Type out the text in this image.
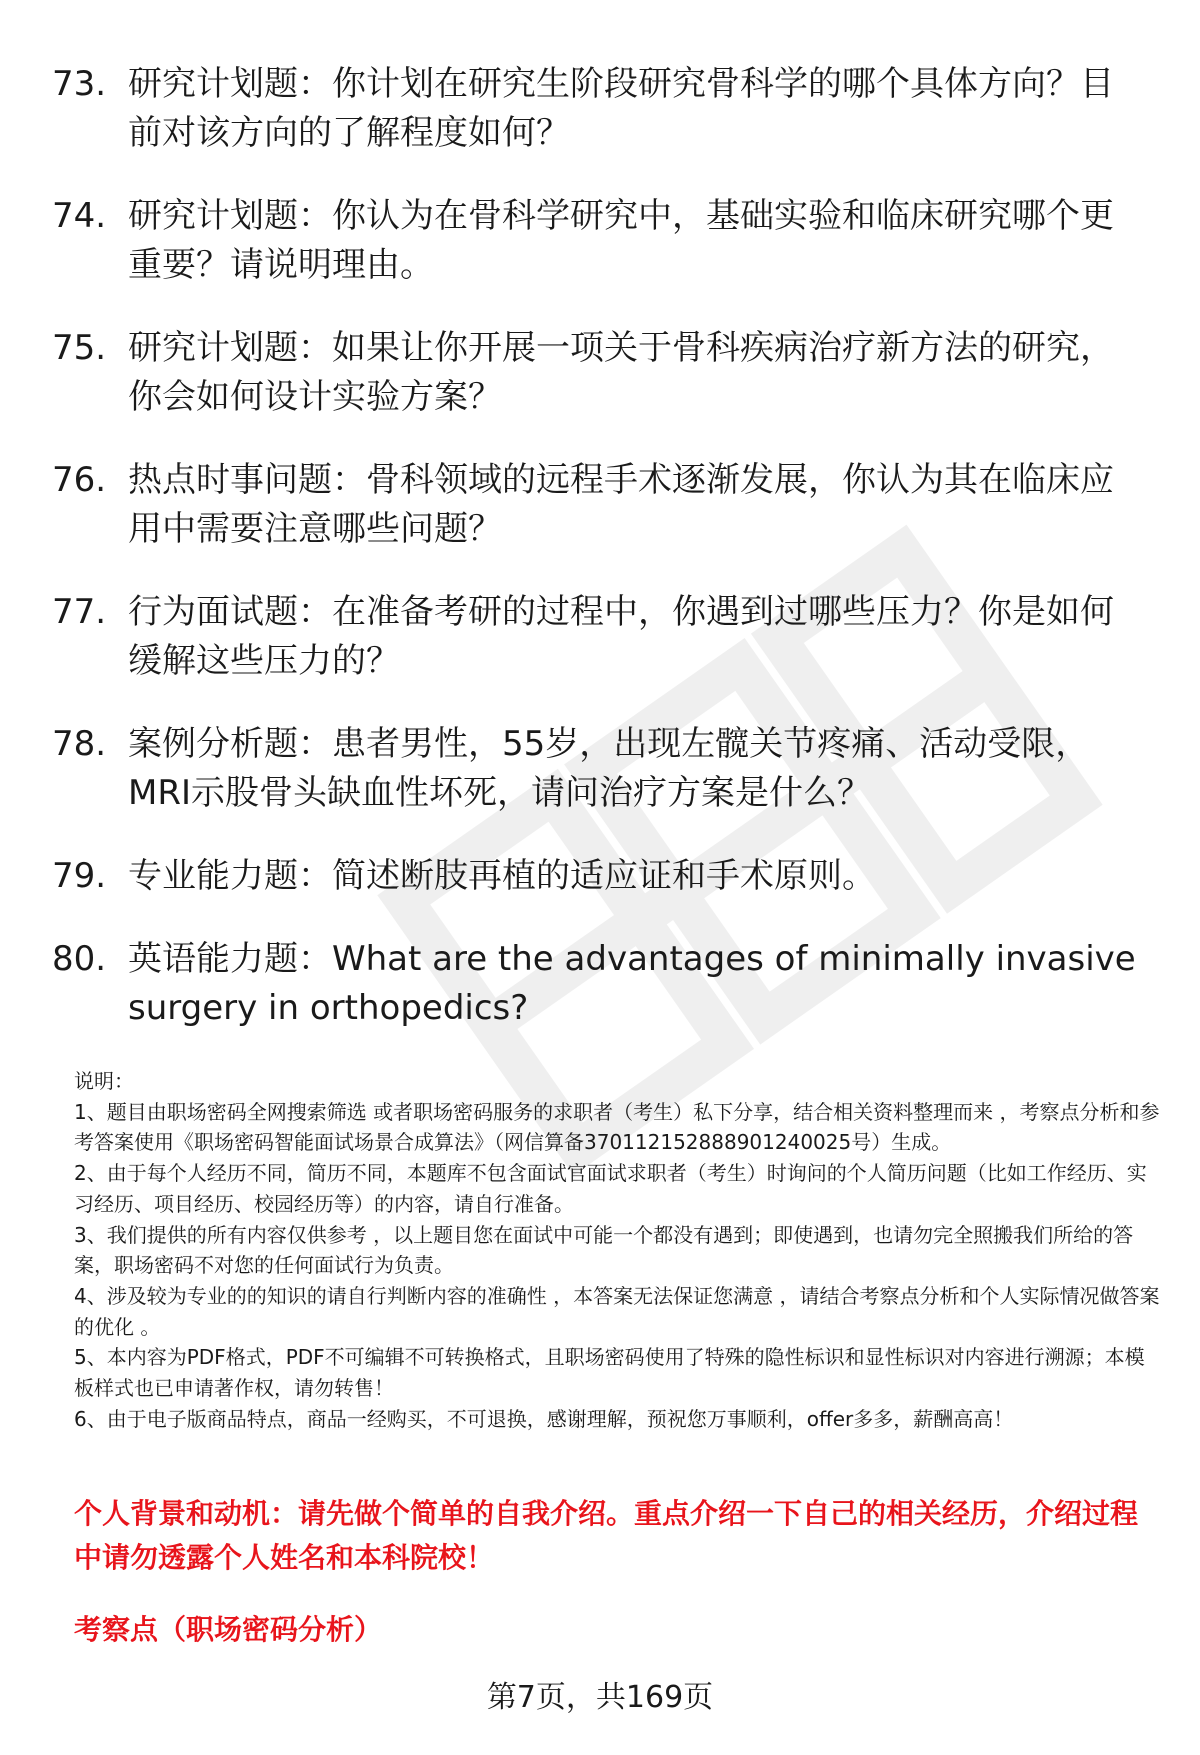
73. 研究计划题：你计划在研究生阶段研究骨科学的哪个具体方向？目前对该方向的了解程度如何？
74. 研究计划题：你认为在骨科学研究中，基础实验和临床研究哪个更重要？请说明理由。
75. 研究计划题：如果让你开展一项关于骨科疾病治疗新方法的研究，你会如何设计实验方案？
76. 热点时事问题：骨科领域的远程手术逐渐发展，你认为其在临床应用中需要注意哪些问题？
77. 行为面试题：在准备考研的过程中，你遇到过哪些压力？你是如何缓解这些压力的？
78. 案例分析题：患者男性，55岁，出现左髋关节疼痛、活动受限，MRI示股骨头缺血性坏死，请问治疗方案是什么？
79. 专业能力题：简述断肢再植的适应证和手术原则。
80. 英语能力题：What are the advantages of minimally invasive surgery in orthopedics?

说明：

1、题目由职场密码全网搜索筛选 或者职场密码服务的求职者（考生）私下分享，结合相关资料整理而来 ，考察点分析和参考答案使用《职场密码智能面试场景合成算法》（网信算备370112152888901240025号）生成。

2、由于每个人经历不同，简历不同，本题库不包含面试官面试求职者（考生）时询问的个人简历问题（比如工作经历、实习经历、项目经历、校园经历等）的内容，请自行准备。

3、我们提供的所有内容仅供参考 ，以上题目您在面试中可能一个都没有遇到；即使遇到，也请勿完全照搬我们所给的答案，职场密码不对您的任何面试行为负责。

4、涉及较为专业的的知识的请自行判断内容的准确性 ，本答案无法保证您满意 ，请结合考察点分析和个人实际情况做答案的优化 。

5、本内容为PDF格式，PDF不可编辑不可转换格式，且职场密码使用了特殊的隐性标识和显性标识对内容进行溯源；本模板样式也已申请著作权，请勿转售！

6、由于电子版商品特点，商品一经购买，不可退换，感谢理解，预祝您万事顺利，offer多多，薪酬高高！

个人背景和动机：请先做个简单的自我介绍。重点介绍一下自己的相关经历，介绍过程中请勿透露个人姓名和本科院校！
考察点（职场密码分析）
第7页，共169页
